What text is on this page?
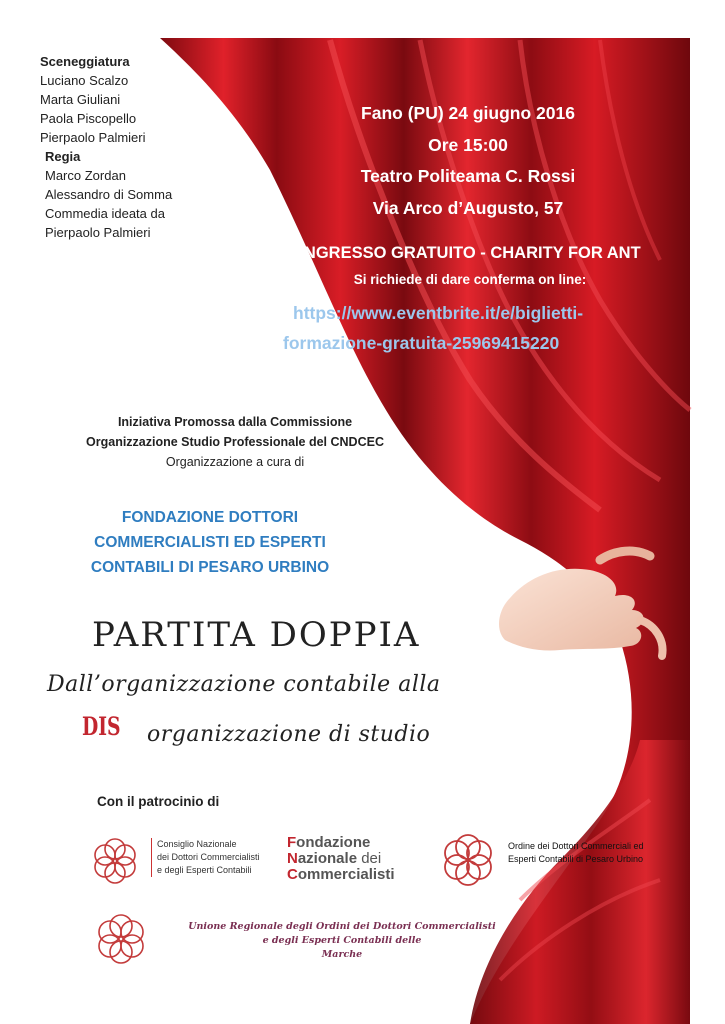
Sceneggiatura
Luciano Scalzo
Marta Giuliani
Paola Piscopello
Pierpaolo Palmieri
Regia
Marco Zordan
Alessandro di Somma
Commedia ideata da
Pierpaolo Palmieri
Fano (PU) 24 giugno 2016
Ore 15:00
Teatro Politeama C. Rossi
Via Arco d’Augusto, 57
INGRESSO GRATUITO - CHARITY FOR ANT
Si richiede di dare conferma on line:
https://www.eventbrite.it/e/biglietti-
formazione-gratuita-25969415220
Iniziativa Promossa dalla Commissione
Organizzazione Studio Professionale del CNDCEC
Organizzazione a cura di
FONDAZIONE DOTTORI
COMMERCIALISTI ED ESPERTI
CONTABILI DI PESARO URBINO
PARTITA DOPPIA
Dall’organizzazione contabile alla
DIS organizzazione di studio
Con il patrocinio di
Consiglio Nazionale
dei Dottori Commercialisti
e degli Esperti Contabili
Fondazione
Nazionale dei
Commercialisti
Ordine dei Dottori Commerciali ed
Esperti Contabili di Pesaro Urbino
Unione Regionale degli Ordini dei Dottori Commercialisti
e degli Esperti Contabili delle
Marche
